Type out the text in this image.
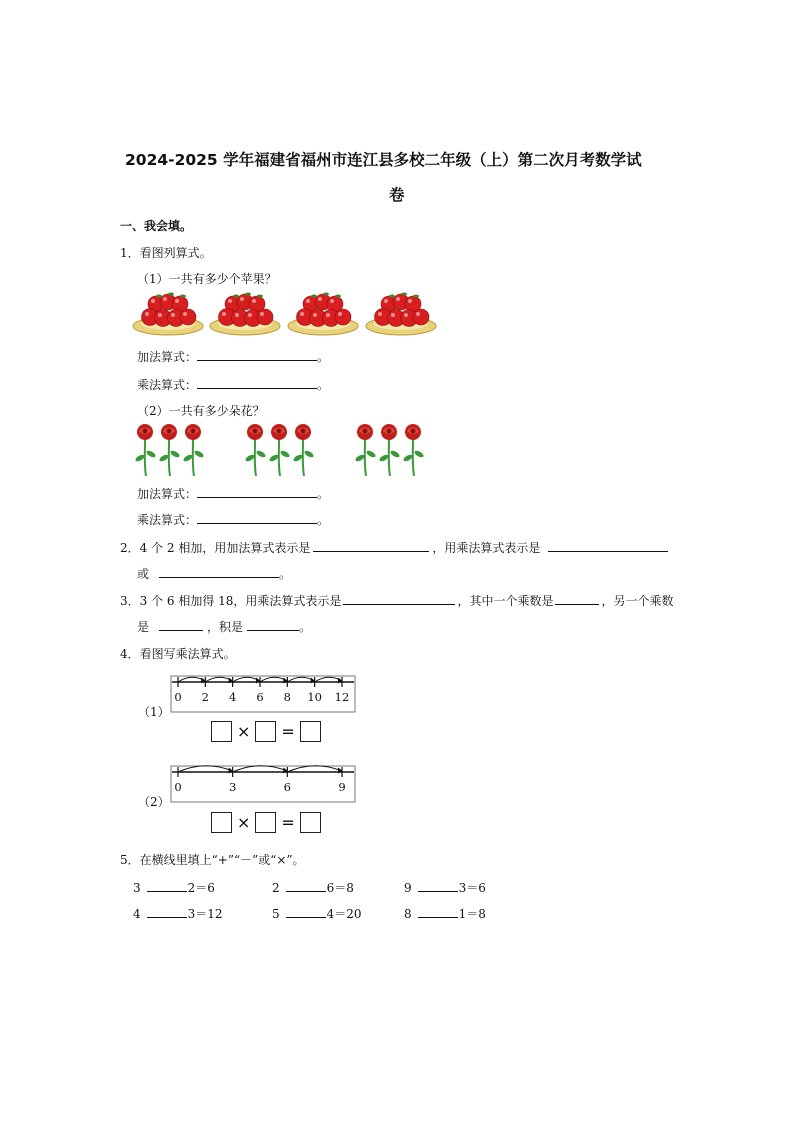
2024-2025 学年福建省福州市连江县多校二年级（上）第二次月考数学试
卷
一、我会填。
1．看图列算式。
（1）一共有多少个苹果？
加法算式：	。
乘法算式：	。
（2）一共有多少朵花？
加法算式：	。
乘法算式：	。
2．4 个 2 相加，用加法算式表示是	，用乘法算式表示是
或	。
3．3 个 6 相加得 18，用乘法算式表示是	，其中一个乘数是	，另一个乘数
是	，积是	。
4．看图写乘法算式。
（1）
0 2 4 6 8 10 12
× =
（2）
0	3	6	9
× =
5．在横线里填上“+”“－”或“×”。
3	2＝6	2	6＝8	9	3＝6
4	3＝12	5	4＝20	8	1＝8
